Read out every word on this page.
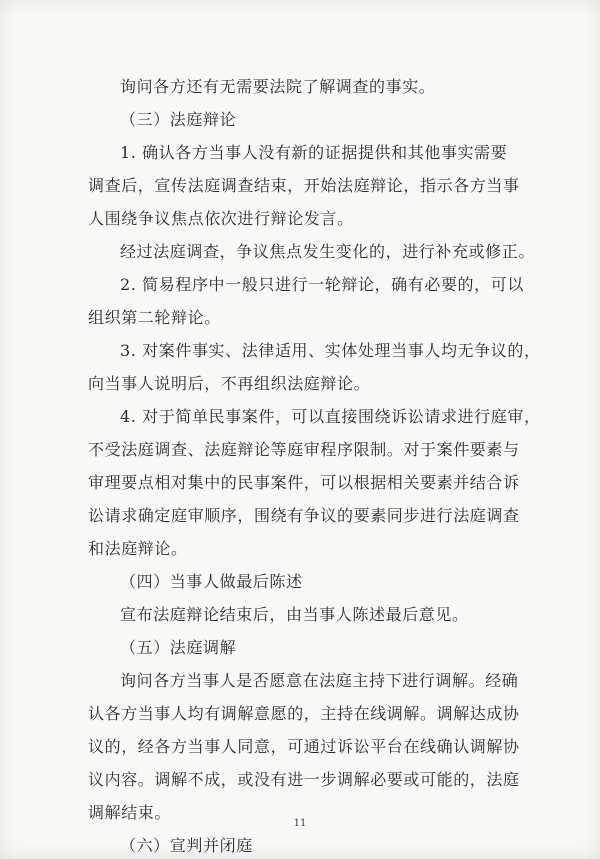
询问各方还有无需要法院了解调查的事实。

（三）法庭辩论

1. 确认各方当事人没有新的证据提供和其他事实需要
调查后，宣传法庭调查结束，开始法庭辩论，指示各方当事
人围绕争议焦点依次进行辩论发言。

经过法庭调查，争议焦点发生变化的，进行补充或修正。

2. 简易程序中一般只进行一轮辩论，确有必要的，可以
组织第二轮辩论。

3. 对案件事实、法律适用、实体处理当事人均无争议的，
向当事人说明后，不再组织法庭辩论。

4. 对于简单民事案件，可以直接围绕诉讼请求进行庭审，
不受法庭调查、法庭辩论等庭审程序限制。对于案件要素与
审理要点相对集中的民事案件，可以根据相关要素并结合诉
讼请求确定庭审顺序，围绕有争议的要素同步进行法庭调查
和法庭辩论。

（四）当事人做最后陈述

宣布法庭辩论结束后，由当事人陈述最后意见。

（五）法庭调解

询问各方当事人是否愿意在法庭主持下进行调解。经确
认各方当事人均有调解意愿的，主持在线调解。调解达成协
议的，经各方当事人同意，可通过诉讼平台在线确认调解协
议内容。调解不成，或没有进一步调解必要或可能的，法庭
调解结束。

（六）宣判并闭庭

11
